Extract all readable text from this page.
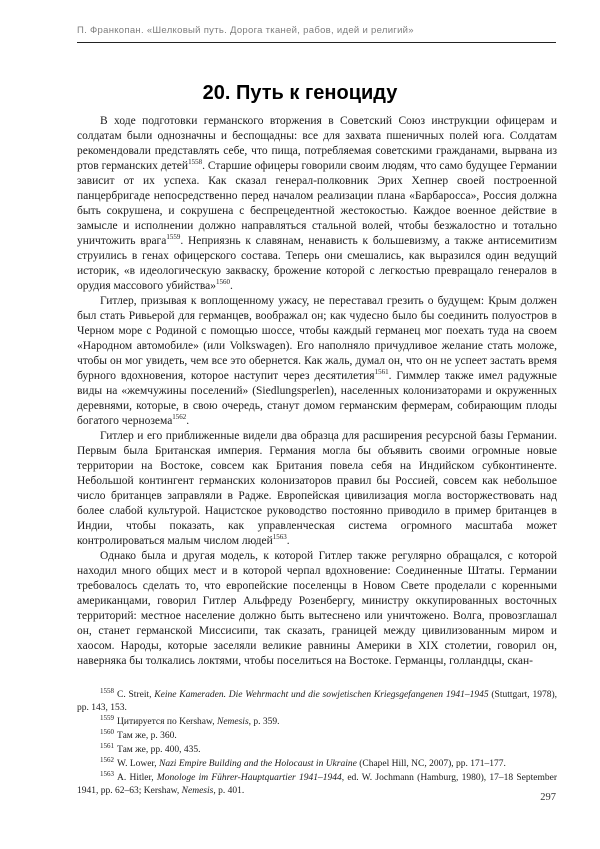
П. Франкопан. «Шелковый путь. Дорога тканей, рабов, идей и религий»
20. Путь к геноциду

В ходе подготовки германского вторжения в Советский Союз инструкции офицерам и солдатам были однозначны и беспощадны: все для захвата пшеничных полей юга. Солдатам рекомендовали представлять себе, что пища, потребляемая советскими гражданами, вырвана из ртов германских детей$^{1558}$. Старшие офицеры говорили своим людям, что само будущее Германии зависит от их успеха. Как сказал генерал-полковник Эрих Хепнер своей построенной панцербригаде непосредственно перед началом реализации плана «Барбаросса», Россия должна быть сокрушена, и сокрушена с беспрецедентной жестокостью. Каждое военное действие в замысле и исполнении должно направляться стальной волей, чтобы безжалостно и тотально уничтожить врага$^{1559}$. Неприязнь к славянам, ненависть к большевизму, а также антисемитизм струились в генах офицерского состава. Теперь они смешались, как выразился один ведущий историк, «в идеологическую закваску, брожение которой с легкостью превращало генералов в орудия массового убийства»$^{1560}$.

Гитлер, призывая к воплощенному ужасу, не переставал грезить о будущем: Крым должен был стать Ривьерой для германцев, воображал он; как чудесно было бы соединить полуостров в Черном море с Родиной с помощью шоссе, чтобы каждый германец мог поехать туда на своем «Народном автомобиле» (или Volkswagen). Его наполняло причудливое желание стать моложе, чтобы он мог увидеть, чем все это обернется. Как жаль, думал он, что он не успеет застать время бурного вдохновения, которое наступит через десятилетия$^{1561}$. Гиммлер также имел радужные виды на «жемчужины поселений» (Siedlungsperlen), населенных колонизаторами и окруженных деревнями, которые, в свою очередь, станут домом германским фермерам, собирающим плоды богатого чернозема$^{1562}$.

Гитлер и его приближенные видели два образца для расширения ресурсной базы Германии. Первым была Британская империя. Германия могла бы объявить своими огромные новые территории на Востоке, совсем как Британия повела себя на Индийском субконтиненте. Небольшой контингент германских колонизаторов правил бы Россией, совсем как небольшое число британцев заправляли в Радже. Европейская цивилизация могла восторжествовать над более слабой культурой. Нацистское руководство постоянно приводило в пример британцев в Индии, чтобы показать, как управленческая система огромного масштаба может контролироваться малым числом людей$^{1563}$.

Однако была и другая модель, к которой Гитлер также регулярно обращался, с которой находил много общих мест и в которой черпал вдохновение: Соединенные Штаты. Германии требовалось сделать то, что европейские поселенцы в Новом Свете проделали с коренными американцами, говорил Гитлер Альфреду Розенбергу, министру оккупированных восточных территорий: местное население должно быть вытеснено или уничтожено. Волга, провозглашал он, станет германской Миссисипи, так сказать, границей между цивилизованным миром и хаосом. Народы, которые заселяли великие равнины Америки в XIX столетии, говорил он, наверняка бы толкались локтями, чтобы поселиться на Востоке. Германцы, голландцы, скан-

$^{1558}$ C. Streit, Keine Kameraden. Die Wehrmacht und die sowjetischen Kriegsgefangenen 1941–1945 (Stuttgart, 1978), pp. 143, 153.

$^{1559}$ Цитируется по Kershaw, Nemesis, p. 359.

$^{1560}$ Там же, p. 360.

$^{1561}$ Там же, pp. 400, 435.

$^{1562}$ W. Lower, Nazi Empire Building and the Holocaust in Ukraine (Chapel Hill, NC, 2007), pp. 171–177.

$^{1563}$ A. Hitler, Monologe im Führer-Hauptquartier 1941–1944, ed. W. Jochmann (Hamburg, 1980), 17–18 September 1941, pp. 62–63; Kershaw, Nemesis, p. 401.

297
